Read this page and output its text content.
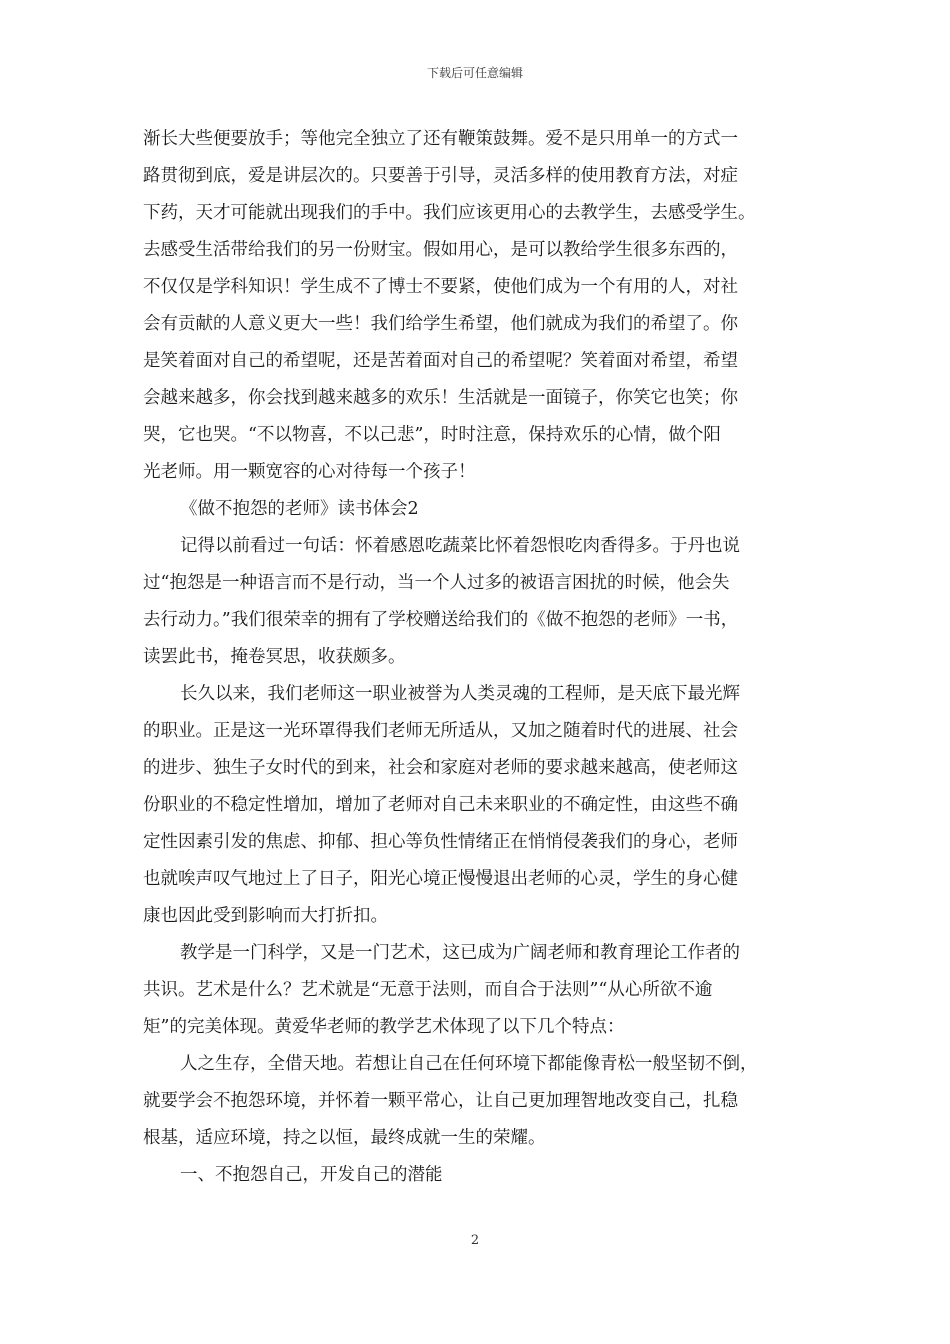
下载后可任意编辑
渐长大些便要放手；等他完全独立了还有鞭策鼓舞。爱不是只用单一的方式一
路贯彻到底，爱是讲层次的。只要善于引导，灵活多样的使用教育方法，对症
下药，天才可能就出现我们的手中。我们应该更用心的去教学生，去感受学生。
去感受生活带给我们的另一份财宝。假如用心，是可以教给学生很多东西的，
不仅仅是学科知识！学生成不了博士不要紧，使他们成为一个有用的人，对社
会有贡献的人意义更大一些！我们给学生希望，他们就成为我们的希望了。你
是笑着面对自己的希望呢，还是苦着面对自己的希望呢？笑着面对希望，希望
会越来越多，你会找到越来越多的欢乐！生活就是一面镜子，你笑它也笑；你
哭，它也哭。“不以物喜，不以己悲”，时时注意，保持欢乐的心情，做个阳
光老师。用一颗宽容的心对待每一个孩子！
《做不抱怨的老师》读书体会2
记得以前看过一句话：怀着感恩吃蔬菜比怀着怨恨吃肉香得多。于丹也说
过“抱怨是一种语言而不是行动，当一个人过多的被语言困扰的时候，他会失
去行动力。”我们很荣幸的拥有了学校赠送给我们的《做不抱怨的老师》一书，
读罢此书，掩卷冥思，收获颇多。
长久以来，我们老师这一职业被誉为人类灵魂的工程师，是天底下最光辉
的职业。正是这一光环罩得我们老师无所适从，又加之随着时代的进展、社会
的进步、独生子女时代的到来，社会和家庭对老师的要求越来越高，使老师这
份职业的不稳定性增加，增加了老师对自己未来职业的不确定性，由这些不确
定性因素引发的焦虑、抑郁、担心等负性情绪正在悄悄侵袭我们的身心，老师
也就唉声叹气地过上了日子，阳光心境正慢慢退出老师的心灵，学生的身心健
康也因此受到影响而大打折扣。
教学是一门科学，又是一门艺术，这已成为广阔老师和教育理论工作者的
共识。艺术是什么？艺术就是“无意于法则，而自合于法则”“从心所欲不逾
矩”的完美体现。黄爱华老师的教学艺术体现了以下几个特点：
人之生存，全借天地。若想让自己在任何环境下都能像青松一般坚韧不倒，
就要学会不抱怨环境，并怀着一颗平常心，让自己更加理智地改变自己，扎稳
根基，适应环境，持之以恒，最终成就一生的荣耀。
一、不抱怨自己，开发自己的潜能
2
